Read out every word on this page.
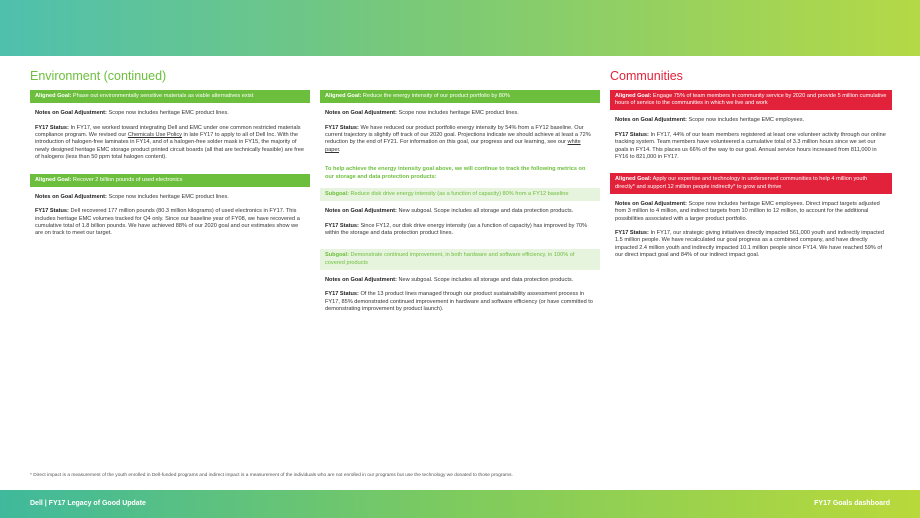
Environment (continued)	Communities
Aligned Goal: Phase out environmentally sensitive materials as viable alternatives exist
Notes on Goal Adjustment: Scope now includes heritage EMC product lines.
FY17 Status: In FY17, we worked toward integrating Dell and EMC under one common restricted materials compliance program. We revised our Chemicals Use Policy in late FY17 to apply to all of Dell Inc. With the introduction of halogen-free laminates in FY14, and of a halogen-free solder mask in FY15, the majority of newly designed heritage EMC storage product printed circuit boards (all that are technically feasible) are free of halogens (less than 50 ppm total halogen content).
Aligned Goal: Recover 2 billion pounds of used electronics
Notes on Goal Adjustment: Scope now includes heritage EMC product lines.
FY17 Status: Dell recovered 177 million pounds (80.3 million kilograms) of used electronics in FY17. This includes heritage EMC volumes tracked for Q4 only. Since our baseline year of FY08, we have recovered a cumulative total of 1.8 billion pounds. We have achieved 88% of our 2020 goal and our estimates show we are on track to meet our target.
Aligned Goal: Reduce the energy intensity of our product portfolio by 80%
Notes on Goal Adjustment: Scope now includes heritage EMC product lines.
FY17 Status: We have reduced our product portfolio energy intensity by 54% from a FY12 baseline. Our current trajectory is slightly off track of our 2020 goal. Projections indicate we should achieve at least a 72% reduction by the end of FY21. For information on this goal, our progress and our learning, see our white paper.
To help achieve the energy intensity goal above, we will continue to track the following metrics on our storage and data protection products:
Subgoal: Reduce disk drive energy intensity (as a function of capacity) 80% from a FY12 baseline
Notes on Goal Adjustment: New subgoal. Scope includes all storage and data protection products.
FY17 Status: Since FY12, our disk drive energy intensity (as a function of capacity) has improved by 70% within the storage and data protection product lines.
Subgoal: Demonstrate continued improvement, in both hardware and software efficiency, in 100% of covered products
Notes on Goal Adjustment: New subgoal. Scope includes all storage and data protection products.
FY17 Status: Of the 13 product lines managed through our product sustainability assessment process in FY17, 85% demonstrated continued improvement in hardware and software efficiency (or have committed to demonstrating improvement by product launch).
Aligned Goal: Engage 75% of team members in community service by 2020 and provide 5 million cumulative hours of service to the communities in which we live and work
Notes on Goal Adjustment: Scope now includes heritage EMC employees.
FY17 Status: In FY17, 44% of our team members registered at least one volunteer activity through our online tracking system. Team members have volunteered a cumulative total of 3.3 million hours since we set our goals in FY14. This places us 66% of the way to our goal. Annual service hours increased from 811,000 in FY16 to 821,000 in FY17.
Aligned Goal: Apply our expertise and technology in underserved communities to help 4 million youth directly* and support 12 million people indirectly* to grow and thrive
Notes on Goal Adjustment: Scope now includes heritage EMC employees. Direct impact targets adjusted from 3 million to 4 million, and indirect targets from 10 million to 12 million, to account for the additional possibilities associated with a larger product portfolio.
FY17 Status: In FY17, our strategic giving initiatives directly impacted 561,000 youth and indirectly impacted 1.5 million people. We have recalculated our goal progress as a combined company, and have directly impacted 2.4 million youth and indirectly impacted 10.1 million people since FY14. We have reached 59% of our direct impact goal and 84% of our indirect impact goal.
* Direct impact is a measurement of the youth enrolled in Dell-funded programs and indirect impact is a measurement of the individuals who are not enrolled in our programs but use the technology we donated to those programs.
Dell | FY17 Legacy of Good Update	FY17 Goals dashboard
